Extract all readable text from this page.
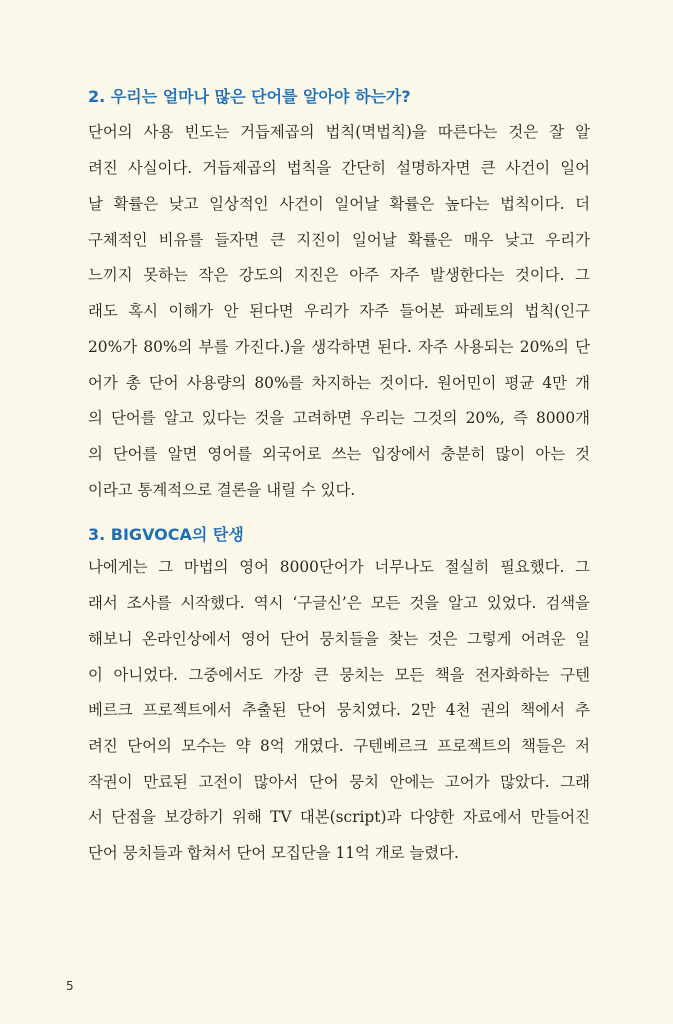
2. 우리는 얼마나 많은 단어를 알아야 하는가?
단어의 사용 빈도는 거듭제곱의 법칙(멱법칙)을 따른다는 것은 잘 알
려진 사실이다. 거듭제곱의 법칙을 간단히 설명하자면 큰 사건이 일어
날 확률은 낮고 일상적인 사건이 일어날 확률은 높다는 법칙이다. 더
구체적인 비유를 들자면 큰 지진이 일어날 확률은 매우 낮고 우리가
느끼지 못하는 작은 강도의 지진은 아주 자주 발생한다는 것이다. 그
래도 혹시 이해가 안 된다면 우리가 자주 들어본 파레토의 법칙(인구
20%가 80%의 부를 가진다.)을 생각하면 된다. 자주 사용되는 20%의 단
어가 총 단어 사용량의 80%를 차지하는 것이다. 원어민이 평균 4만 개
의 단어를 알고 있다는 것을 고려하면 우리는 그것의 20%, 즉 8000개
의 단어를 알면 영어를 외국어로 쓰는 입장에서 충분히 많이 아는 것
이라고 통계적으로 결론을 내릴 수 있다.
3. BIGVOCA의 탄생
나에게는 그 마법의 영어 8000단어가 너무나도 절실히 필요했다. 그
래서 조사를 시작했다. 역시 ‘구글신’은 모든 것을 알고 있었다. 검색을
해보니 온라인상에서 영어 단어 뭉치들을 찾는 것은 그렇게 어려운 일
이 아니었다. 그중에서도 가장 큰 뭉치는 모든 책을 전자화하는 구텐
베르크 프로젝트에서 추출된 단어 뭉치였다. 2만 4천 권의 책에서 추
려진 단어의 모수는 약 8억 개였다. 구텐베르크 프로젝트의 책들은 저
작권이 만료된 고전이 많아서 단어 뭉치 안에는 고어가 많았다. 그래
서 단점을 보강하기 위해 TV 대본(script)과 다양한 자료에서 만들어진
단어 뭉치들과 합쳐서 단어 모집단을 11억 개로 늘렸다.
5
